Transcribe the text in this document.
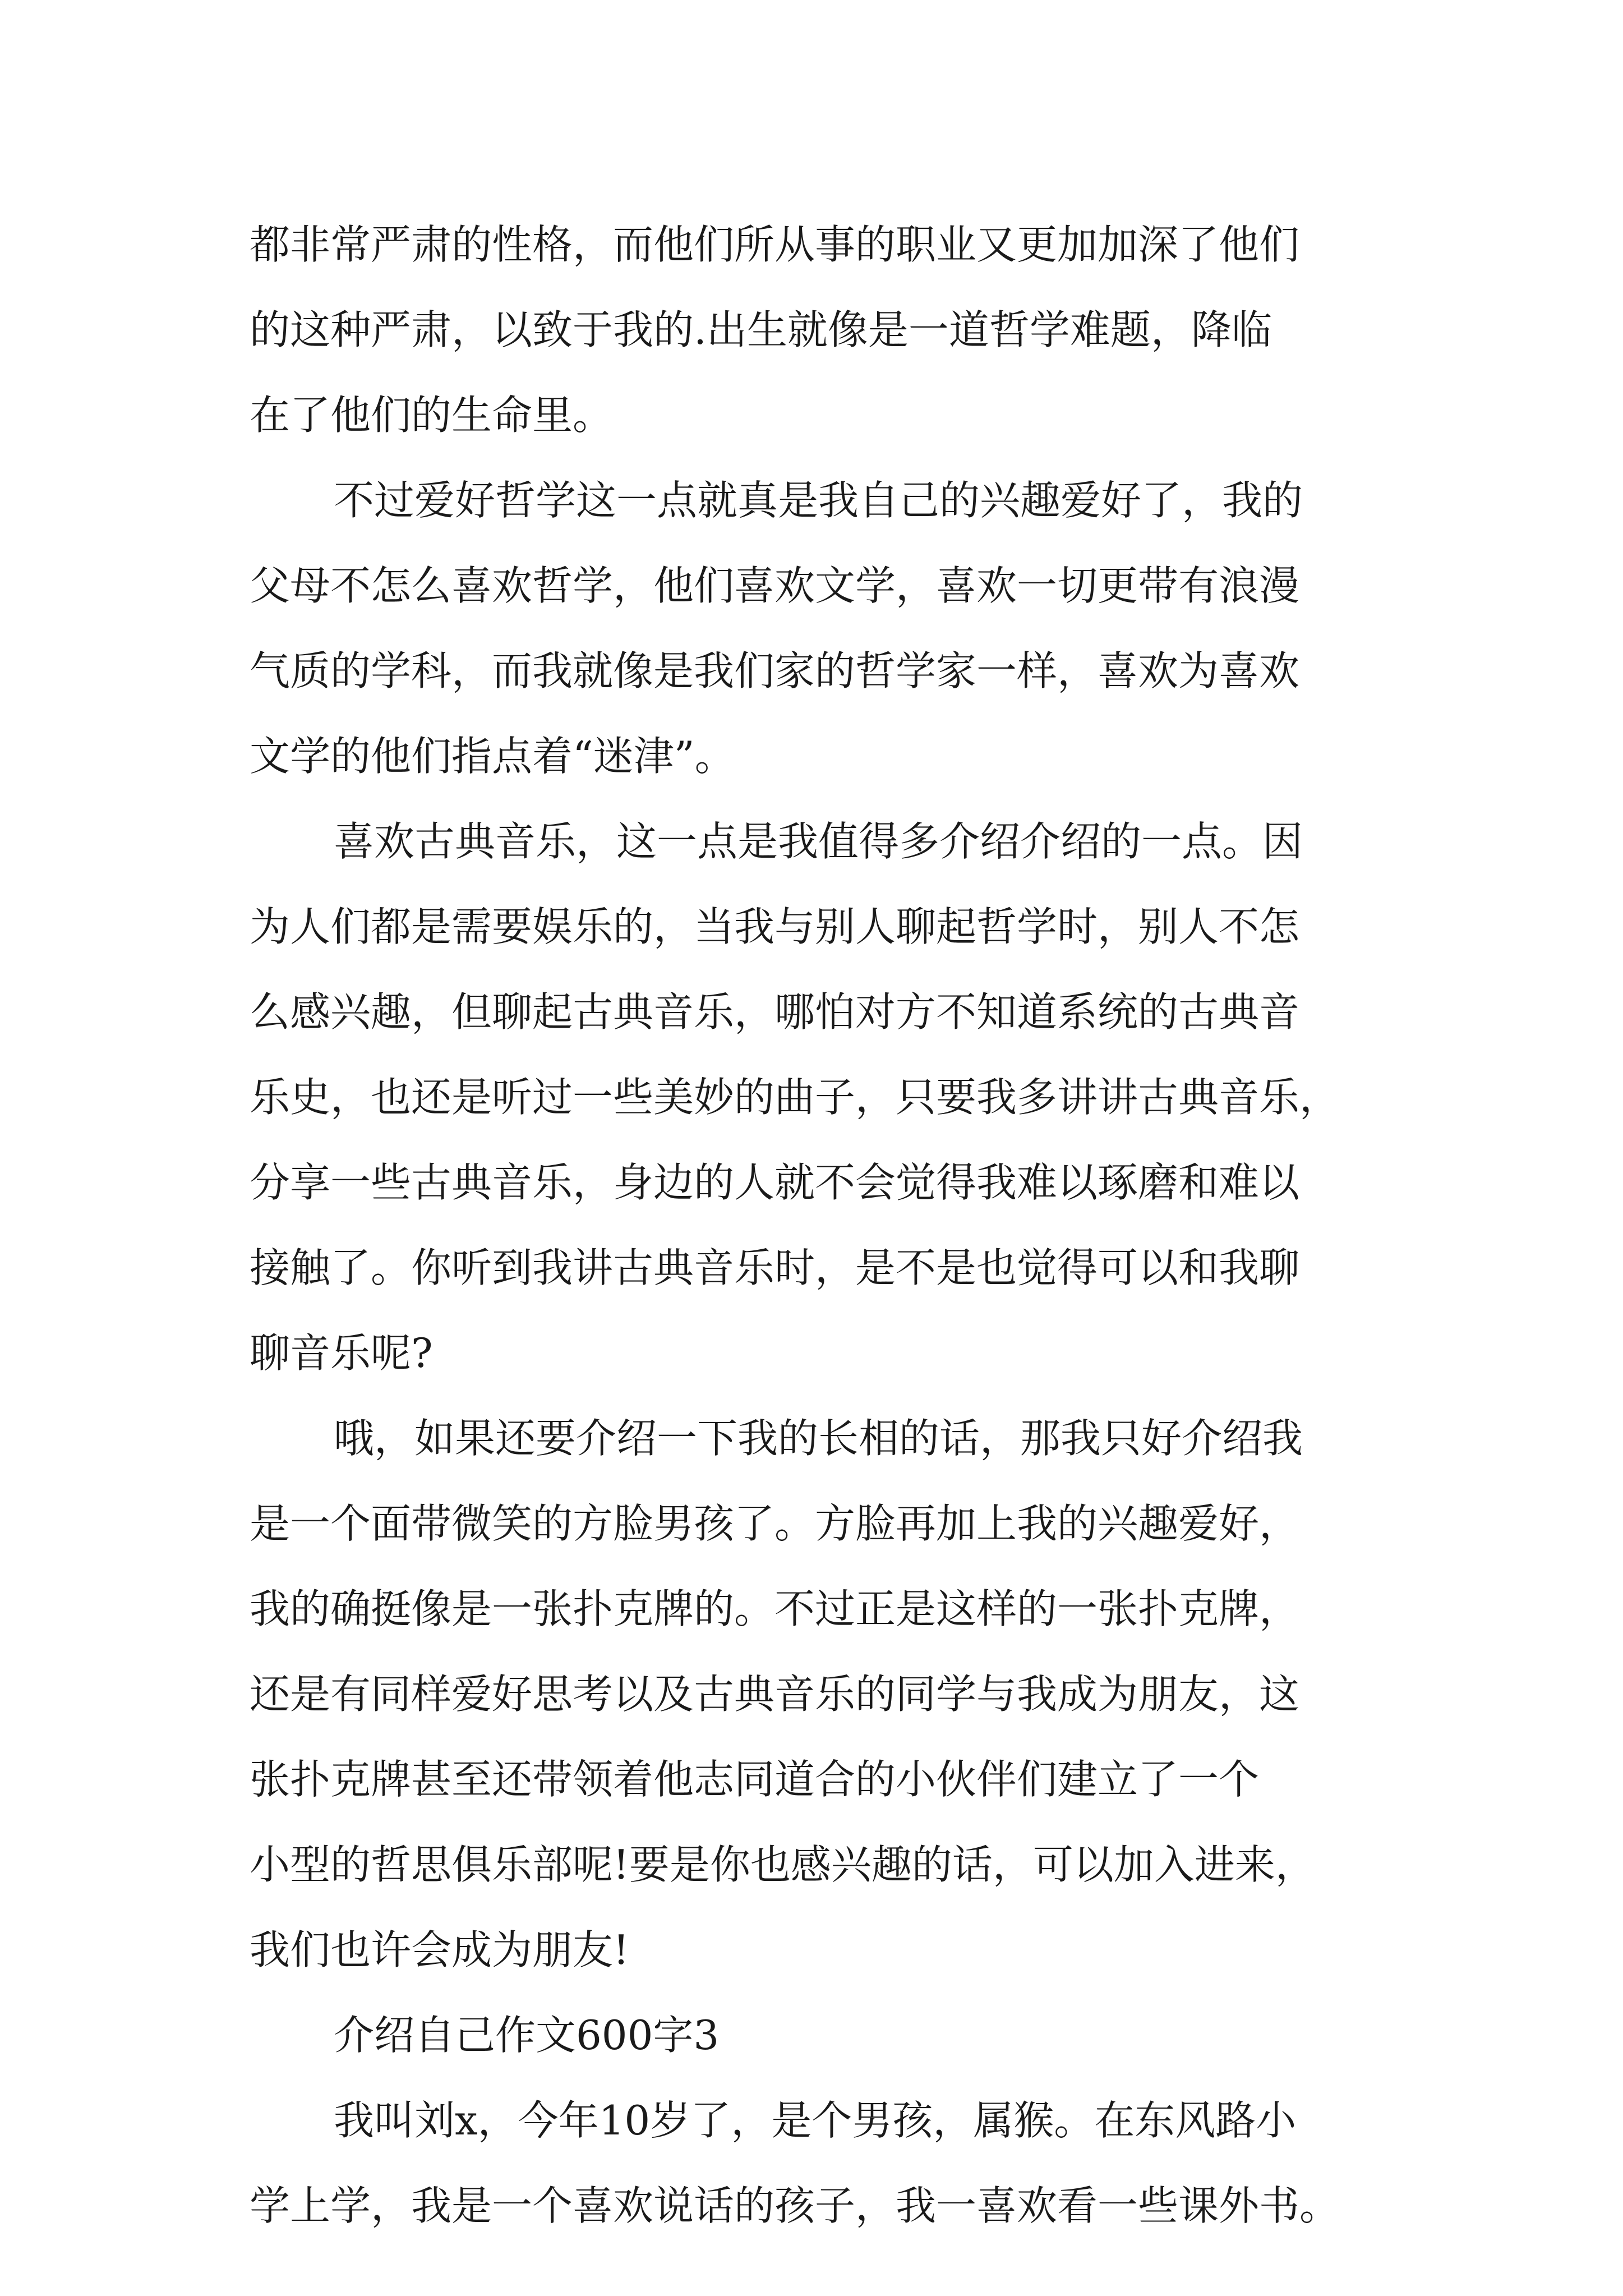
都非常严肃的性格，而他们所从事的职业又更加加深了他们
的这种严肃，以致于我的.出生就像是一道哲学难题，降临
在了他们的生命里。
不过爱好哲学这一点就真是我自己的兴趣爱好了，我的
父母不怎么喜欢哲学，他们喜欢文学，喜欢一切更带有浪漫
气质的学科，而我就像是我们家的哲学家一样，喜欢为喜欢
文学的他们指点着“迷津”。
喜欢古典音乐，这一点是我值得多介绍介绍的一点。因
为人们都是需要娱乐的，当我与别人聊起哲学时，别人不怎
么感兴趣，但聊起古典音乐，哪怕对方不知道系统的古典音
乐史，也还是听过一些美妙的曲子，只要我多讲讲古典音乐，
分享一些古典音乐，身边的人就不会觉得我难以琢磨和难以
接触了。你听到我讲古典音乐时，是不是也觉得可以和我聊
聊音乐呢?
哦，如果还要介绍一下我的长相的话，那我只好介绍我
是一个面带微笑的方脸男孩了。方脸再加上我的兴趣爱好，
我的确挺像是一张扑克牌的。不过正是这样的一张扑克牌，
还是有同样爱好思考以及古典音乐的同学与我成为朋友，这
张扑克牌甚至还带领着他志同道合的小伙伴们建立了一个
小型的哲思俱乐部呢!要是你也感兴趣的话，可以加入进来，
我们也许会成为朋友!
介绍自己作文600字3
我叫刘x，今年10岁了，是个男孩，属猴。在东风路小
学上学，我是一个喜欢说话的孩子，我一喜欢看一些课外书。
